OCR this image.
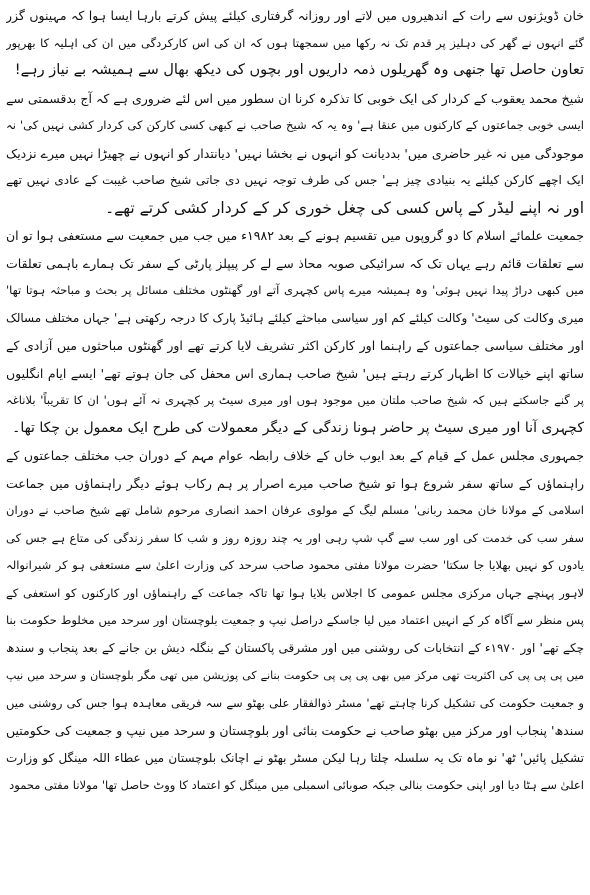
خان ڈویژنوں سے رات کے اندھیروں میں لاتے اور روزانہ گرفتاری کیلئے پیش کرتے بارہا ایسا ہوا کہ مہینوں گزر
گئے انہوں نے گھر کی دہلیز پر قدم تک نہ رکھا میں سمجھتا ہوں کہ ان کی اس کارکردگی میں ان کی اہلیہ کا بھرپور
تعاون حاصل تھا جنھی وہ گھریلوں ذمہ داریوں اور بچوں کی دیکھ بھال سے ہمیشہ بے نیاز رہے!
شیخ محمد یعقوب کے کردار کی ایک خوبی کا تذکرہ کرنا ان سطور میں اس لئے ضروری ہے کہ آج بدقسمتی سے
ایسی خوبی جماعتوں کے کارکنوں میں عنقا ہے' وہ یہ کہ شیخ صاحب نے کبھی کسی کارکن کی کردار کشی نہیں کی' نہ
موجودگی میں نہ غیر حاضری میں' بددیانت کو انہوں نے بخشا نہیں' دیانتدار کو انہوں نے چھیڑا نہیں میرے نزدیک
ایک اچھے کارکن کیلئے یہ بنیادی چیز ہے' جس کی طرف توجہ نہیں دی جاتی شیخ صاحب غیبت کے عادی نہیں تھے
اور نہ اپنے لیڈر کے پاس کسی کی چغل خوری کر کے کردار کشی کرتے تھے۔
جمعیت علمائے اسلام کا دو گروپوں میں تقسیم ہونے کے بعد ۱۹۸۲ء میں جب میں جمعیت سے مستعفی ہوا تو ان
سے تعلقات قائم رہے یہاں تک کہ سرائیکی صوبہ محاذ سے لے کر پیپلز پارٹی کے سفر تک ہمارے باہمی تعلقات
میں کبھی دراڑ پیدا نہیں ہوئی' وہ ہمیشہ میرے پاس کچہری آتے اور گھنٹوں مختلف مسائل پر بحث و مباحثہ ہوتا تھا'
میری وکالت کی سیٹ' وکالت کیلئے کم اور سیاسی مباحثے کیلئے ہائیڈ پارک کا درجہ رکھتی ہے' جہاں مختلف مسالک
اور مختلف سیاسی جماعتوں کے راہنما اور کارکن اکثر تشریف لایا کرتے تھے اور گھنٹوں مباحثوں میں آزادی کے
ساتھ اپنے خیالات کا اظہار کرتے رہتے ہیں' شیخ صاحب ہماری اس محفل کی جان ہوتے تھے' ایسے ایام انگلیوں
پر گنے جاسکتے ہیں کہ شیخ صاحب ملتان میں موجود ہوں اور میری سیٹ پر کچہری نہ آئے ہوں' ان کا تقریباً' بلاناغہ
کچہری آنا اور میری سیٹ پر حاضر ہونا زندگی کے دیگر معمولات کی طرح ایک معمول بن چکا تھا۔
جمہوری مجلس عمل کے قیام کے بعد ایوب خاں کے خلاف رابطہ عوام مہم کے دوران جب مختلف جماعتوں کے
راہنماؤں کے ساتھ سفر شروع ہوا تو شیخ صاحب میرے اصرار پر ہم رکاب ہوئے دیگر راہنماؤں میں جماعت
اسلامی کے مولانا خان محمد ربانی' مسلم لیگ کے مولوی عرفان احمد انصاری مرحوم شامل تھے شیخ صاحب نے دوران
سفر سب کی خدمت کی اور سب سے گپ شپ رہی اور یہ چند روزہ روز و شب کا سفر زندگی کی متاع ہے جس کی
یادوں کو نہیں بھلایا جا سکتا' حضرت مولانا مفتی محمود صاحب سرحد کی وزارت اعلیٰ سے مستعفی ہو کر شیرانوالہ
لاہور پہنچے جہاں مرکزی مجلس عمومی کا اجلاس بلایا ہوا تھا تاکہ جماعت کے راہنماؤں اور کارکنوں کو استعفی کے
پس منظر سے آگاہ کر کے انہیں اعتماد میں لیا جاسکے دراصل نیپ و جمعیت بلوچستان اور سرحد میں مخلوط حکومت بنا
چکے تھے' اور ۱۹۷۰ء کے انتخابات کی روشنی میں اور مشرقی پاکستان کے بنگلہ دیش بن جانے کے بعد پنجاب و سندھ
میں پی پی پی کی اکثریت تھی مرکز میں بھی پی پی پی حکومت بنانے کی پوزیشن میں تھی مگر بلوچستان و سرحد میں نیپ
و جمعیت حکومت کی تشکیل کرنا چاہتے تھے' مسٹر ذوالفقار علی بھٹو سے سہ فریقی معاہدہ ہوا جس کی روشنی میں
سندھ' پنجاب اور مرکز میں بھٹو صاحب نے حکومت بنائی اور بلوچستان و سرحد میں نیپ و جمعیت کی حکومتیں
تشکیل پائیں' ٹھ' نو ماہ تک یہ سلسلہ چلتا رہا لیکن مسٹر بھٹو نے اچانک بلوچستان میں عطاء اللہ مینگل کو وزارت
اعلیٰ سے ہٹا دیا اور اپنی حکومت بنالی جبکہ صوبائی اسمبلی میں مینگل کو اعتماد کا ووٹ حاصل تھا' مولانا مفتی محمود
